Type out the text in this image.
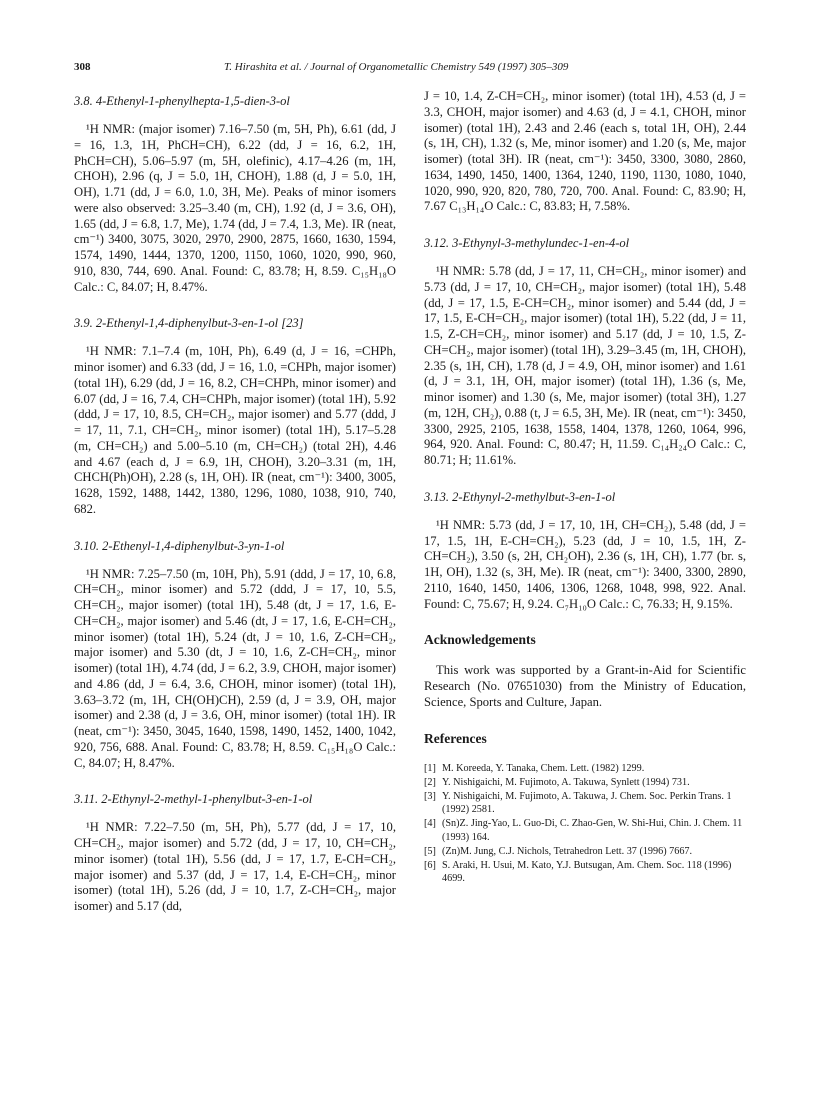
308	T. Hirashita et al. / Journal of Organometallic Chemistry 549 (1997) 305–309
3.8. 4-Ethenyl-1-phenylhepta-1,5-dien-3-ol

¹H NMR: (major isomer) 7.16–7.50 (m, 5H, Ph), 6.61 (dd, J = 16, 1.3, 1H, PhCH=CH), 6.22 (dd, J = 16, 6.2, 1H, PhCH=CH), 5.06–5.97 (m, 5H, olefinic), 4.17–4.26 (m, 1H, CHOH), 2.96 (q, J = 5.0, 1H, CHOH), 1.88 (d, J = 5.0, 1H, OH), 1.71 (dd, J = 6.0, 1.0, 3H, Me). Peaks of minor isomers were also observed: 3.25–3.40 (m, CH), 1.92 (d, J = 3.6, OH), 1.65 (dd, J = 6.8, 1.7, Me), 1.74 (dd, J = 7.4, 1.3, Me). IR (neat, cm⁻¹) 3400, 3075, 3020, 2970, 2900, 2875, 1660, 1630, 1594, 1574, 1490, 1444, 1370, 1200, 1150, 1060, 1020, 990, 960, 910, 830, 744, 690. Anal. Found: C, 83.78; H, 8.59. C₁₅H₁₈O Calc.: C, 84.07; H, 8.47%.

3.9. 2-Ethenyl-1,4-diphenylbut-3-en-1-ol [23]

¹H NMR: 7.1–7.4 (m, 10H, Ph), 6.49 (d, J = 16, =CHPh, minor isomer) and 6.33 (dd, J = 16, 1.0, =CHPh, major isomer) (total 1H), 6.29 (dd, J = 16, 8.2, CH=CHPh, minor isomer) and 6.07 (dd, J = 16, 7.4, CH=CHPh, major isomer) (total 1H), 5.92 (ddd, J = 17, 10, 8.5, CH=CH₂, major isomer) and 5.77 (ddd, J = 17, 11, 7.1, CH=CH₂, minor isomer) (total 1H), 5.17–5.28 (m, CH=CH₂) and 5.00–5.10 (m, CH=CH₂) (total 2H), 4.46 and 4.67 (each d, J = 6.9, 1H, CHOH), 3.20–3.31 (m, 1H, CHCH(Ph)OH), 2.28 (s, 1H, OH). IR (neat, cm⁻¹): 3400, 3005, 1628, 1592, 1488, 1442, 1380, 1296, 1080, 1038, 910, 740, 682.

3.10. 2-Ethenyl-1,4-diphenylbut-3-yn-1-ol

¹H NMR: 7.25–7.50 (m, 10H, Ph), 5.91 (ddd, J = 17, 10, 6.8, CH=CH₂, minor isomer) and 5.72 (ddd, J = 17, 10, 5.5, CH=CH₂, major isomer) (total 1H), 5.48 (dt, J = 17, 1.6, E-CH=CH₂, major isomer) and 5.46 (dt, J = 17, 1.6, E-CH=CH₂, minor isomer) (total 1H), 5.24 (dt, J = 10, 1.6, Z-CH=CH₂, major isomer) and 5.30 (dt, J = 10, 1.6, Z-CH=CH₂, minor isomer) (total 1H), 4.74 (dd, J = 6.2, 3.9, CHOH, major isomer) and 4.86 (dd, J = 6.4, 3.6, CHOH, minor isomer) (total 1H), 3.63–3.72 (m, 1H, CH(OH)CH), 2.59 (d, J = 3.9, OH, major isomer) and 2.38 (d, J = 3.6, OH, minor isomer) (total 1H). IR (neat, cm⁻¹): 3450, 3045, 1640, 1598, 1490, 1452, 1400, 1042, 920, 756, 688. Anal. Found: C, 83.78; H, 8.59. C₁₅H₁₈O Calc.: C, 84.07; H, 8.47%.

3.11. 2-Ethynyl-2-methyl-1-phenylbut-3-en-1-ol

¹H NMR: 7.22–7.50 (m, 5H, Ph), 5.77 (dd, J = 17, 10, CH=CH₂, major isomer) and 5.72 (dd, J = 17, 10, CH=CH₂, minor isomer) (total 1H), 5.56 (dd, J = 17, 1.7, E-CH=CH₂, major isomer) and 5.37 (dd, J = 17, 1.4, E-CH=CH₂, minor isomer) (total 1H), 5.26 (dd, J = 10, 1.7, Z-CH=CH₂, major isomer) and 5.17 (dd,

J = 10, 1.4, Z-CH=CH₂, minor isomer) (total 1H), 4.53 (d, J = 3.3, CHOH, major isomer) and 4.63 (d, J = 4.1, CHOH, minor isomer) (total 1H), 2.43 and 2.46 (each s, total 1H, OH), 2.44 (s, 1H, CH), 1.32 (s, Me, minor isomer) and 1.20 (s, Me, major isomer) (total 3H). IR (neat, cm⁻¹): 3450, 3300, 3080, 2860, 1634, 1490, 1450, 1400, 1364, 1240, 1190, 1130, 1080, 1040, 1020, 990, 920, 820, 780, 720, 700. Anal. Found: C, 83.90; H, 7.67 C₁₃H₁₄O Calc.: C, 83.83; H, 7.58%.

3.12. 3-Ethynyl-3-methylundec-1-en-4-ol

¹H NMR: 5.78 (dd, J = 17, 11, CH=CH₂, minor isomer) and 5.73 (dd, J = 17, 10, CH=CH₂, major isomer) (total 1H), 5.48 (dd, J = 17, 1.5, E-CH=CH₂, minor isomer) and 5.44 (dd, J = 17, 1.5, E-CH=CH₂, major isomer) (total 1H), 5.22 (dd, J = 11, 1.5, Z-CH=CH₂, minor isomer) and 5.17 (dd, J = 10, 1.5, Z-CH=CH₂, major isomer) (total 1H), 3.29–3.45 (m, 1H, CHOH), 2.35 (s, 1H, CH), 1.78 (d, J = 4.9, OH, minor isomer) and 1.61 (d, J = 3.1, 1H, OH, major isomer) (total 1H), 1.36 (s, Me, minor isomer) and 1.30 (s, Me, major isomer) (total 3H), 1.27 (m, 12H, CH₂), 0.88 (t, J = 6.5, 3H, Me). IR (neat, cm⁻¹): 3450, 3300, 2925, 2105, 1638, 1558, 1404, 1378, 1260, 1064, 996, 964, 920. Anal. Found: C, 80.47; H, 11.59. C₁₄H₂₄O Calc.: C, 80.71; H; 11.61%.

3.13. 2-Ethynyl-2-methylbut-3-en-1-ol

¹H NMR: 5.73 (dd, J = 17, 10, 1H, CH=CH₂), 5.48 (dd, J = 17, 1.5, 1H, E-CH=CH₂), 5.23 (dd, J = 10, 1.5, 1H, Z-CH=CH₂), 3.50 (s, 2H, CH₂OH), 2.36 (s, 1H, CH), 1.77 (br. s, 1H, OH), 1.32 (s, 3H, Me). IR (neat, cm⁻¹): 3400, 3300, 2890, 2110, 1640, 1450, 1406, 1306, 1268, 1048, 998, 922. Anal. Found: C, 75.67; H, 9.24. C₇H₁₀O Calc.: C, 76.33; H, 9.15%.

Acknowledgements

This work was supported by a Grant-in-Aid for Scientific Research (No. 07651030) from the Ministry of Education, Science, Sports and Culture, Japan.

References
[1] M. Koreeda, Y. Tanaka, Chem. Lett. (1982) 1299.
[2] Y. Nishigaichi, M. Fujimoto, A. Takuwa, Synlett (1994) 731.
[3] Y. Nishigaichi, M. Fujimoto, A. Takuwa, J. Chem. Soc. Perkin Trans. 1 (1992) 2581.
[4] (Sn)Z. Jing-Yao, L. Guo-Di, C. Zhao-Gen, W. Shi-Hui, Chin. J. Chem. 11 (1993) 164.
[5] (Zn)M. Jung, C.J. Nichols, Tetrahedron Lett. 37 (1996) 7667.
[6] S. Araki, H. Usui, M. Kato, Y.J. Butsugan, Am. Chem. Soc. 118 (1996) 4699.
